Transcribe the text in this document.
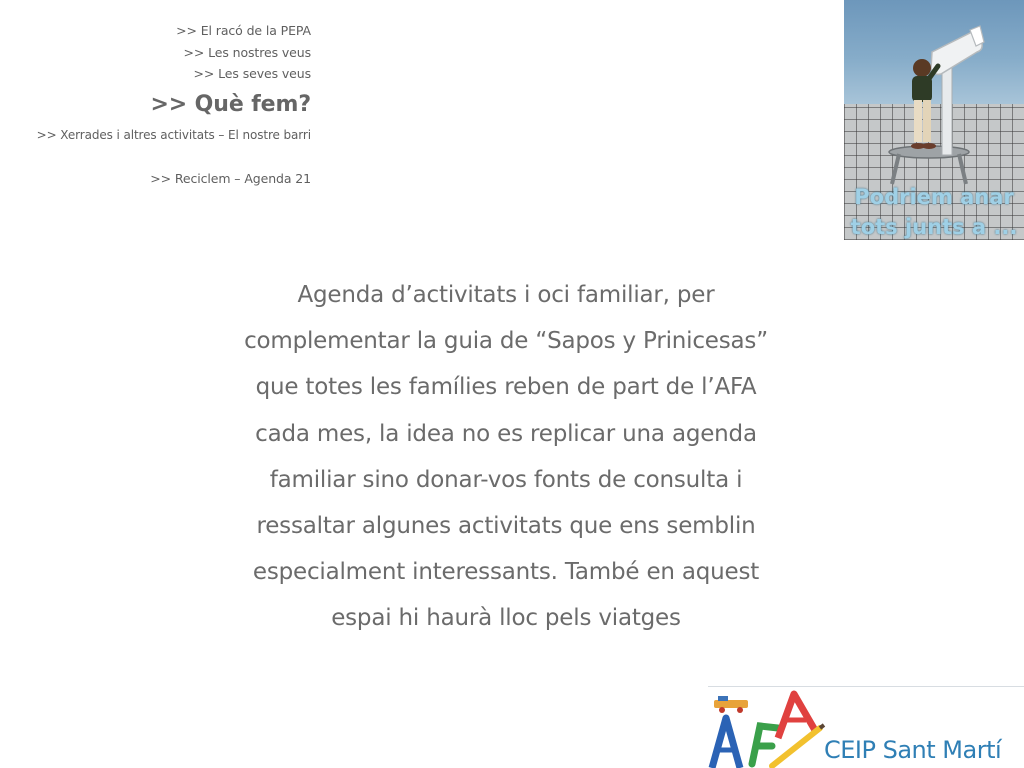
>> El racó de la PEPA
>> Les nostres veus
>> Les seves veus
>> Què fem?
>> Xerrades i altres activitats – El nostre barri
>> Reciclem – Agenda 21
Podriem anar
tots junts a ...
Agenda d’activitats i oci familiar, per
complementar la guia de “Sapos y Prinicesas”
que totes les famílies reben de part de l’AFA
cada mes, la idea no es replicar una agenda
familiar sino donar-vos fonts de consulta i
ressaltar algunes activitats que ens semblin
especialment interessants. També en aquest
espai hi haurà lloc pels viatges
CEIP Sant Martí
